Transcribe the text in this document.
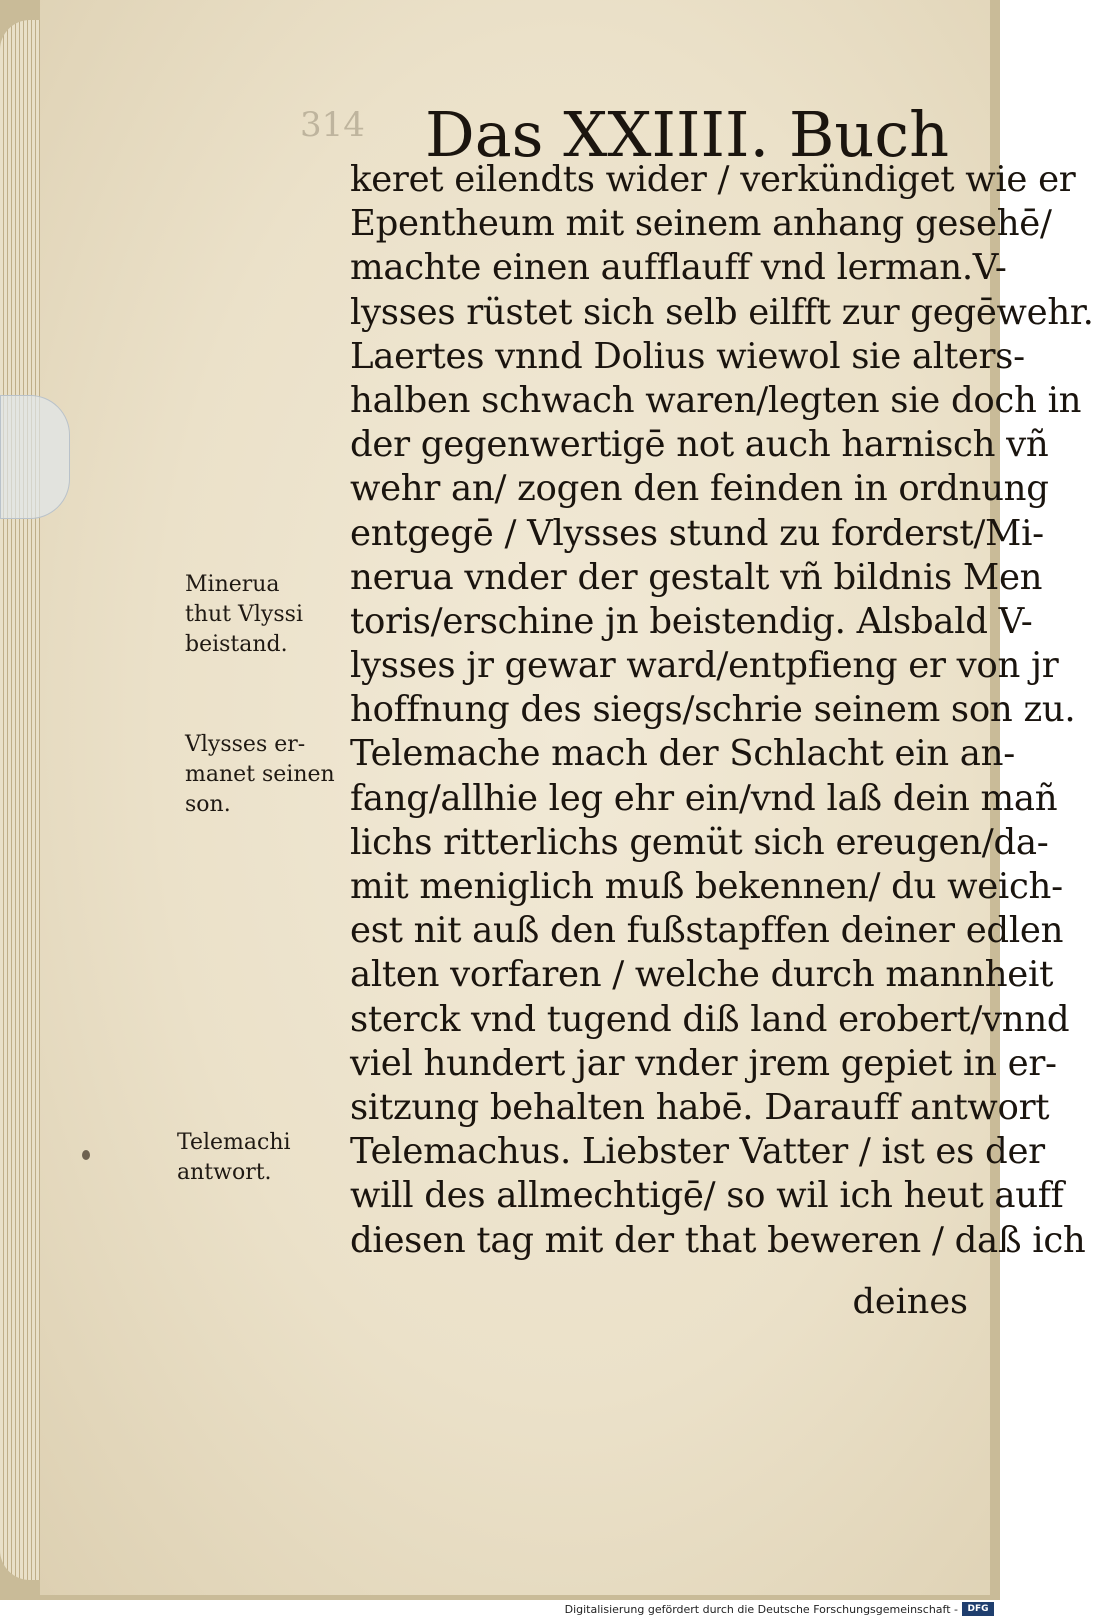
314 Das XXIIII. Buch
keret eilendts wider / verkündiget wie er
Epentheum mit seinem anhang gesehē/
machte einen aufflauff vnd lerman.V-
lysses rüstet sich selb eilfft zur gegēwehr.
Laertes vnnd Dolius wiewol sie alters-
halben schwach waren/legten sie doch in
der gegenwertigē not auch harnisch vñ
wehr an/ zogen den feinden in ordnung
entgegē / Vlysses stund zu forderst/Mi-
nerua vnder der gestalt vñ bildnis Men
toris/erschine jn beistendig. Alsbald V-
lysses jr gewar ward/entpfieng er von jr
hoffnung des siegs/schrie seinem son zu.
Telemache mach der Schlacht ein an-
fang/allhie leg ehr ein/vnd laß dein mañ
lichs ritterlichs gemüt sich ereugen/da-
mit meniglich muß bekennen/ du weich-
est nit auß den fußstapffen deiner edlen
alten vorfaren / welche durch mannheit
sterck vnd tugend diß land erobert/vnnd
viel hundert jar vnder jrem gepiet in er-
sitzung behalten habē. Darauff antwort
Telemachus. Liebster Vatter / ist es der
will des allmechtigē/ so wil ich heut auff
diesen tag mit der that beweren / daß ich
deines
Minerua
thut Vlyssi
beistand.
Vlysses er-
manet seinen
son.
Telemachi
antwort.
Digitalisierung gefördert durch die Deutsche Forschungsgemeinschaft -	DFG
